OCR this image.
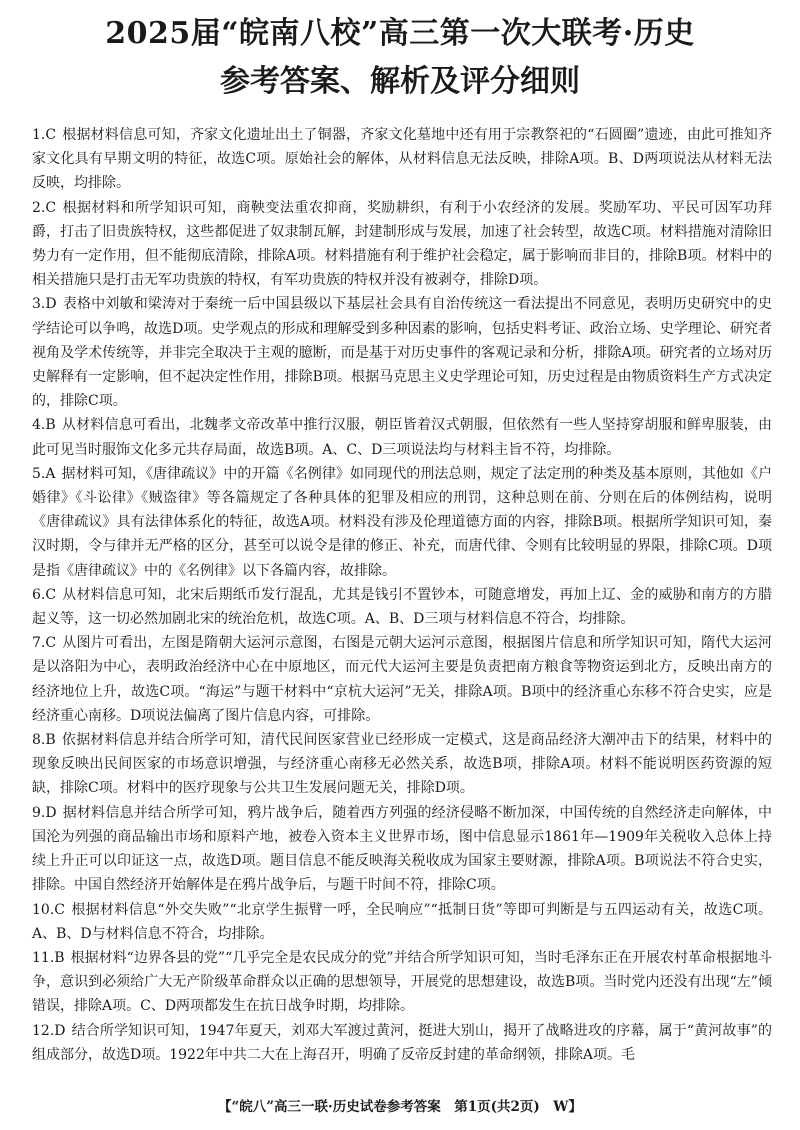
2025届“皖南八校”高三第一次大联考·历史
参考答案、解析及评分细则

1.C 根据材料信息可知，齐家文化遗址出土了铜器，齐家文化墓地中还有用于宗教祭祀的“石圆圈”遗迹，由此可推知齐家文化具有早期文明的特征，故选C项。原始社会的解体，从材料信息无法反映，排除A项。B、D两项说法从材料无法反映，均排除。

2.C 根据材料和所学知识可知，商鞅变法重农抑商，奖励耕织，有利于小农经济的发展。奖励军功、平民可因军功拜爵，打击了旧贵族特权，这些都促进了奴隶制瓦解，封建制形成与发展，加速了社会转型，故选C项。材料措施对清除旧势力有一定作用，但不能彻底清除，排除A项。材料措施有利于维护社会稳定，属于影响而非目的，排除B项。材料中的相关措施只是打击无军功贵族的特权，有军功贵族的特权并没有被剥夺，排除D项。

3.D 表格中刘敏和梁涛对于秦统一后中国县级以下基层社会具有自治传统这一看法提出不同意见，表明历史研究中的史学结论可以争鸣，故选D项。史学观点的形成和理解受到多种因素的影响，包括史料考证、政治立场、史学理论、研究者视角及学术传统等，并非完全取决于主观的臆断，而是基于对历史事件的客观记录和分析，排除A项。研究者的立场对历史解释有一定影响，但不起决定性作用，排除B项。根据马克思主义史学理论可知，历史过程是由物质资料生产方式决定的，排除C项。

4.B 从材料信息可看出，北魏孝文帝改革中推行汉服，朝臣皆着汉式朝服，但依然有一些人坚持穿胡服和鲜卑服装，由此可见当时服饰文化多元共存局面，故选B项。A、C、D三项说法均与材料主旨不符，均排除。

5.A 据材料可知，《唐律疏议》中的开篇《名例律》如同现代的刑法总则，规定了法定刑的种类及基本原则，其他如《户婚律》《斗讼律》《贼盗律》等各篇规定了各种具体的犯罪及相应的刑罚，这种总则在前、分则在后的体例结构，说明《唐律疏议》具有法律体系化的特征，故选A项。材料没有涉及伦理道德方面的内容，排除B项。根据所学知识可知，秦汉时期，令与律并无严格的区分，甚至可以说令是律的修正、补充，而唐代律、令则有比较明显的界限，排除C项。D项是指《唐律疏议》中的《名例律》以下各篇内容，故排除。

6.C 从材料信息可知，北宋后期纸币发行混乱，尤其是钱引不置钞本，可随意增发，再加上辽、金的威胁和南方的方腊起义等，这一切必然加剧北宋的统治危机，故选C项。A、B、D三项与材料信息不符合，均排除。

7.C 从图片可看出，左图是隋朝大运河示意图，右图是元朝大运河示意图，根据图片信息和所学知识可知，隋代大运河是以洛阳为中心，表明政治经济中心在中原地区，而元代大运河主要是负责把南方粮食等物资运到北方，反映出南方的经济地位上升，故选C项。“海运”与题干材料中“京杭大运河”无关，排除A项。B项中的经济重心东移不符合史实，应是经济重心南移。D项说法偏离了图片信息内容，可排除。

8.B 依据材料信息并结合所学可知，清代民间医家营业已经形成一定模式，这是商品经济大潮冲击下的结果，材料中的现象反映出民间医家的市场意识增强，与经济重心南移无必然关系，故选B项，排除A项。材料不能说明医药资源的短缺，排除C项。材料中的医疗现象与公共卫生发展问题无关，排除D项。

9.D 据材料信息并结合所学可知，鸦片战争后，随着西方列强的经济侵略不断加深，中国传统的自然经济走向解体，中国沦为列强的商品输出市场和原料产地，被卷入资本主义世界市场，图中信息显示1861年—1909年关税收入总体上持续上升正可以印证这一点，故选D项。题目信息不能反映海关税收成为国家主要财源，排除A项。B项说法不符合史实，排除。中国自然经济开始解体是在鸦片战争后，与题干时间不符，排除C项。

10.C 根据材料信息“外交失败”“北京学生振臂一呼，全民响应”“抵制日货”等即可判断是与五四运动有关，故选C项。A、B、D与材料信息不符合，均排除。

11.B 根据材料“边界各县的党”“几乎完全是农民成分的党”并结合所学知识可知，当时毛泽东正在开展农村革命根据地斗争，意识到必须给广大无产阶级革命群众以正确的思想领导，开展党的思想建设，故选B项。当时党内还没有出现“左”倾错误，排除A项。C、D两项都发生在抗日战争时期，均排除。

12.D 结合所学知识可知，1947年夏天，刘邓大军渡过黄河，挺进大别山，揭开了战略进攻的序幕，属于“黄河故事”的组成部分，故选D项。1922年中共二大在上海召开，明确了反帝反封建的革命纲领，排除A项。毛

【“皖八”高三一联·历史试卷参考答案　第1页(共2页)　W】
